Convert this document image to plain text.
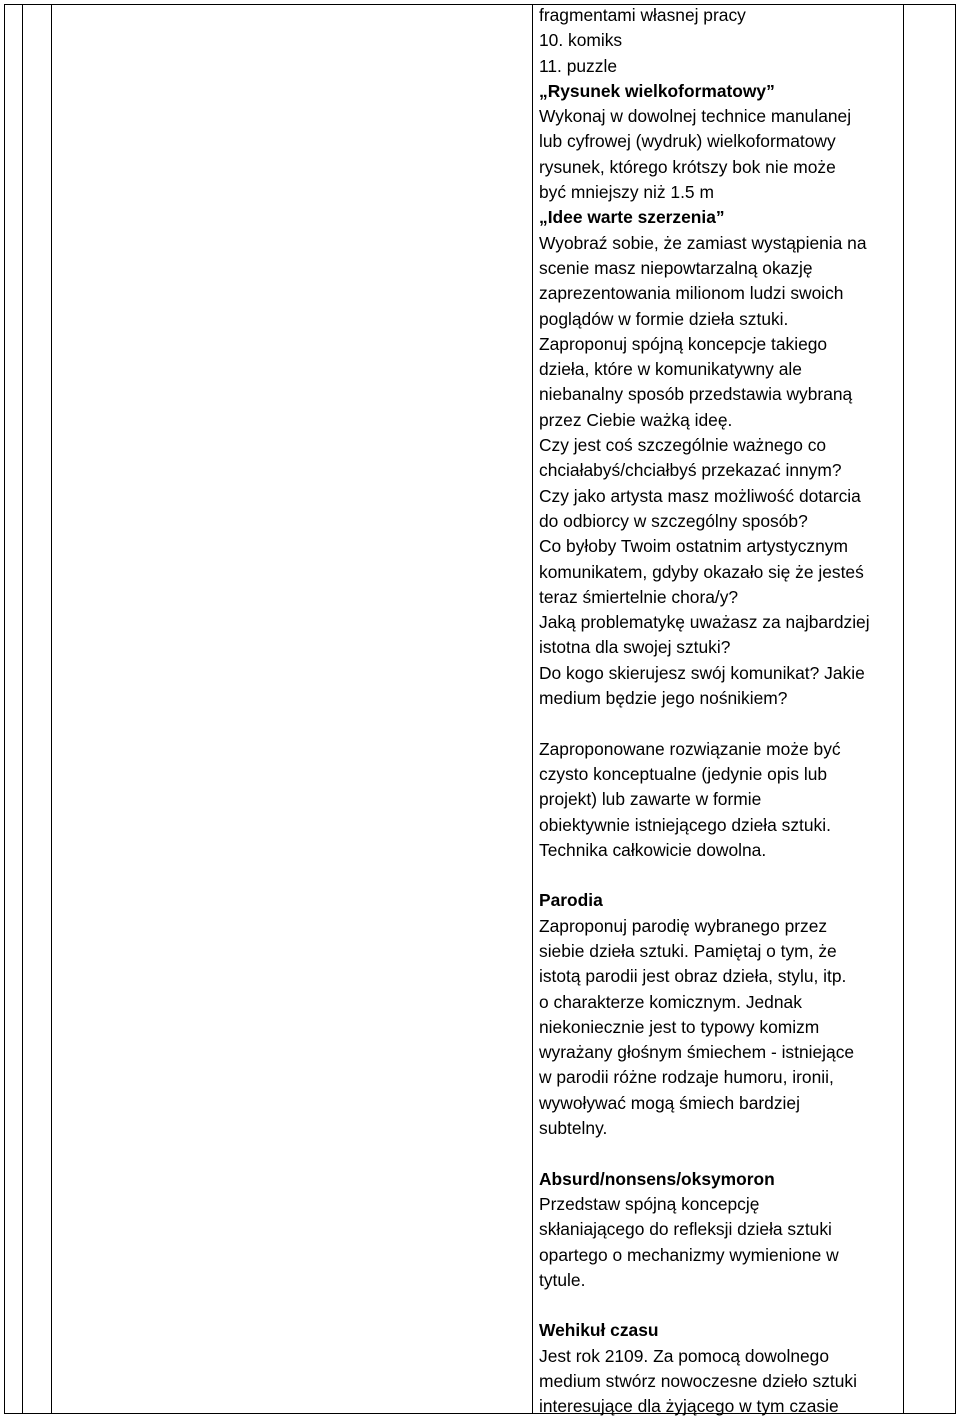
fragmentami własnej pracy

10. komiks

11. puzzle

„Rysunek wielkoformatowy”

Wykonaj w dowolnej technice manulanej

lub cyfrowej (wydruk) wielkoformatowy

rysunek, którego krótszy bok nie może

być mniejszy niż 1.5 m

„Idee warte szerzenia”

Wyobraź sobie, że zamiast wystąpienia na

scenie masz niepowtarzalną okazję

zaprezentowania milionom ludzi swoich

poglądów w formie dzieła sztuki.

Zaproponuj spójną koncepcje takiego

dzieła, które w komunikatywny ale

niebanalny sposób przedstawia wybraną

przez Ciebie ważką ideę.

Czy jest coś szczególnie ważnego co

chciałabyś/chciałbyś przekazać innym?

Czy jako artysta masz możliwość dotarcia

do odbiorcy w szczególny sposób?

Co byłoby Twoim ostatnim artystycznym

komunikatem, gdyby okazało się że jesteś

teraz śmiertelnie chora/y?

Jaką problematykę uważasz za najbardziej

istotna dla swojej sztuki?

Do kogo skierujesz swój komunikat? Jakie

medium będzie jego nośnikiem?

Zaproponowane rozwiązanie może być

czysto konceptualne (jedynie opis lub

projekt) lub zawarte w formie

obiektywnie istniejącego dzieła sztuki.

Technika całkowicie dowolna.

Parodia

Zaproponuj parodię wybranego przez

siebie dzieła sztuki. Pamiętaj o tym, że

istotą parodii jest obraz dzieła, stylu, itp.

o charakterze komicznym. Jednak

niekoniecznie jest to typowy komizm

wyrażany głośnym śmiechem - istniejące

w parodii różne rodzaje humoru, ironii,

wywoływać mogą śmiech bardziej

subtelny.

Absurd/nonsens/oksymoron

Przedstaw spójną koncepcję

skłaniającego do refleksji dzieła sztuki

opartego o mechanizmy wymienione w

tytule.

Wehikuł czasu

Jest rok 2109. Za pomocą dowolnego

medium stwórz nowoczesne dzieło sztuki

interesujące dla żyjącego w tym czasie
